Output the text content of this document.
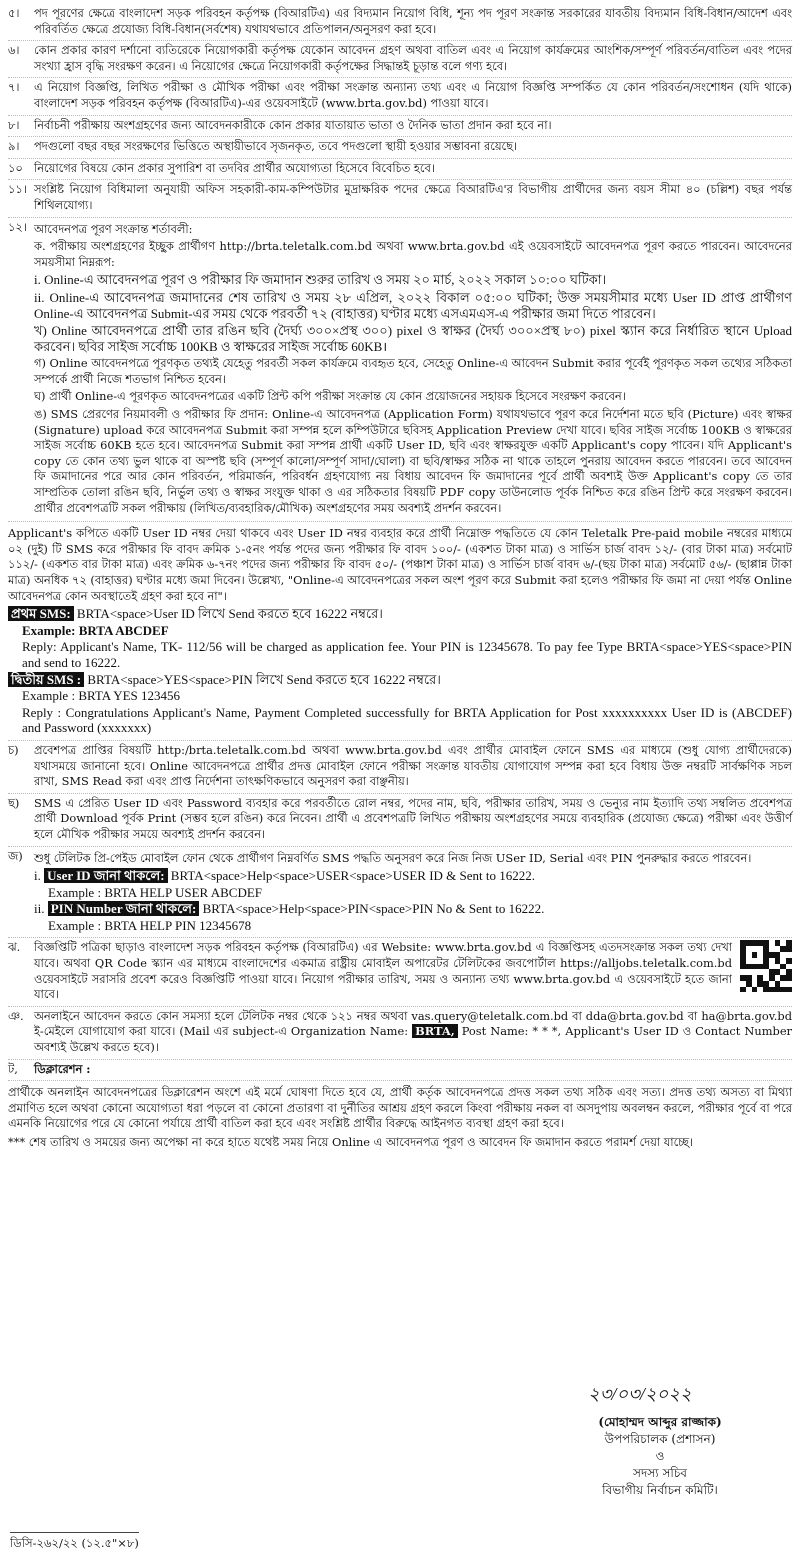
৫।	পদ পূরণের ক্ষেত্রে বাংলাদেশ সড়ক পরিবহন কর্তৃপক্ষ (বিআরটিএ) এর বিদ্যমান নিয়োগ বিধি, শূন্য পদ পূরণ সংক্রান্ত সরকারের যাবতীয় বিদ্যমান বিধি-বিধান/আদেশ এবং পরিবর্তিত ক্ষেত্রে প্রযোজ্য বিধি-বিধান(সর্বশেষ) যথাযথভাবে প্রতিপালন/অনুসরণ করা হবে।
৬।	কোন প্রকার কারণ দর্শানো ব্যতিরেকে নিয়োগকারী কর্তৃপক্ষ যেকোন আবেদন গ্রহণ অথবা বাতিল এবং এ নিয়োগ কার্যক্রমের আংশিক/সম্পূর্ণ পরিবর্তন/বাতিল এবং পদের সংখ্যা হ্রাস বৃদ্ধি সংরক্ষণ করেন। এ নিয়োগের ক্ষেত্রে নিয়োগকারী কর্তৃপক্ষের সিদ্ধান্তই চূড়ান্ত বলে গণ্য হবে।
৭।	এ নিয়োগ বিজ্ঞপ্তি, লিখিত পরীক্ষা ও মৌখিক পরীক্ষা এবং পরীক্ষা সংক্রান্ত অন্যান্য তথ্য এবং এ নিয়োগ বিজ্ঞপ্তি সম্পর্কিত যে কোন পরিবর্তন/সংশোধন (যদি থাকে) বাংলাদেশ সড়ক পরিবহন কর্তৃপক্ষ (বিআরটিএ)-এর ওয়েবসাইটে (www.brta.gov.bd) পাওয়া যাবে।
৮।	নির্বাচনী পরীক্ষায় অংশগ্রহণের জন্য আবেদনকারীকে কোন প্রকার যাতায়াত ভাতা ও দৈনিক ভাতা প্রদান করা হবে না।
৯।	পদগুলো বছর বছর সংরক্ষণের ভিত্তিতে অস্থায়ীভাবে সৃজনকৃত, তবে পদগুলো স্থায়ী হওয়ার সম্ভাবনা রয়েছে।
১০ নিয়োগের বিষয়ে কোন প্রকার সুপারিশ বা তদবির প্রার্থীর অযোগ্যতা হিসেবে বিবেচিত হবে।
১১। সংশ্লিষ্ট নিয়োগ বিধিমালা অনুযায়ী অফিস সহকারী-কাম-কম্পিউটার মুদ্রাক্ষরিক পদের ক্ষেত্রে বিআরটিএ'র বিভাগীয় প্রার্থীদের জন্য বয়স সীমা ৪০ (চল্লিশ) বছর পর্যন্ত শিথিলযোগ্য।
১২। আবেদনপত্র পূরণ সংক্রান্ত শর্তাবলী:
ক. পরীক্ষায় অংশগ্রহণের ইচ্ছুক প্রার্থীগণ http://brta.teletalk.com.bd অথবা www.brta.gov.bd এই ওয়েবসাইটে আবেদনপত্র পূরণ করতে পারবেন। আবেদনের সময়সীমা নিম্নরূপ:
i. Online-এ আবেদনপত্র পূরণ ও পরীক্ষার ফি জমাদান শুরুর তারিখ ও সময় ২০ মার্চ, ২০২২ সকাল ১০:০০ ঘটিকা।
ii. Online-এ আবেদনপত্র জমাদানের শেষ তারিখ ও সময় ২৮ এপ্রিল, ২০২২ বিকাল ০৫:০০ ঘটিকা; উক্ত সময়সীমার মধ্যে User ID প্রাপ্ত প্রার্থীগণ Online-এ আবেদনপত্র Submit-এর সময় থেকে পরবর্তী ৭২ (বাহাত্তর) ঘণ্টার মধ্যে এসএমএস-এ পরীক্ষার জমা দিতে পারবেন।
খ) Online আবেদনপত্রে প্রার্থী তার রঙিন ছবি (দৈর্ঘ্য ৩০০×প্রস্থ ৩০০) pixel ও স্বাক্ষর (দৈর্ঘ্য ৩০০×প্রস্থ ৮০) pixel স্ক্যান করে নির্ধারিত স্থানে Upload করবেন। ছবির সাইজ সর্বোচ্চ 100KB ও স্বাক্ষরের সাইজ সর্বোচ্চ 60KB।
গ) Online আবেদনপত্রে পূরণকৃত তথ্যই যেহেতু পরবর্তী সকল কার্যক্রমে ব্যবহৃত হবে, সেহেতু Online-এ আবেদন Submit করার পূর্বেই পূরণকৃত সকল তথ্যের সঠিকতা সম্পর্কে প্রার্থী নিজে শতভাগ নিশ্চিত হবেন।
ঘ) প্রার্থী Online-এ পূরণকৃত আবেদনপত্রের একটি প্রিন্ট কপি পরীক্ষা সংক্রান্ত যে কোন প্রয়োজনের সহায়ক হিসেবে সংরক্ষণ করবেন।
ঙ) SMS প্রেরণের নিয়মাবলী ও পরীক্ষার ফি প্রদান: Online-এ আবেদনপত্র (Application Form) যথাযথভাবে পূরণ করে নির্দেশনা মতে ছবি (Picture) এবং স্বাক্ষর (Signature) upload করে আবেদনপত্র Submit করা সম্পন্ন হলে কম্পিউটারে ছবিসহ Application Preview দেখা যাবে। ছবির সাইজ সর্বোচ্চ 100KB ও স্বাক্ষরের সাইজ সর্বোচ্চ 60KB হতে হবে। আবেদনপত্র Submit করা সম্পন্ন প্রার্থী একটি User ID, ছবি এবং স্বাক্ষরযুক্ত একটি Applicant's copy পাবেন। যদি Applicant's copy তে কোন তথ্য ভুল থাকে বা অস্পষ্ট ছবি (সম্পূর্ণ কালো/সম্পূর্ণ সাদা/ঘোলা) বা ছবি/স্বাক্ষর সঠিক না থাকে তাহলে পুনরায় আবেদন করতে পারবেন। তবে আবেদন ফি জমাদানের পরে আর কোন পরিবর্তন, পরিমার্জন, পরিবর্ধন গ্রহণযোগ্য নয় বিধায় আবেদন ফি জমাদানের পূর্বে প্রার্থী অবশ্যই উক্ত Applicant's copy তে তার সাম্প্রতিক তোলা রঙিন ছবি, নির্ভুল তথ্য ও স্বাক্ষর সংযুক্ত থাকা ও এর সঠিকতার বিষয়টি PDF copy ডাউনলোড পূর্বক নিশ্চিত করে রঙিন প্রিন্ট করে সংরক্ষণ করবেন। প্রার্থীর প্রবেশপত্রটি সকল পরীক্ষায় (লিখিত/ব্যবহারিক/মৌখিক) অংশগ্রহণের সময় অবশ্যই প্রদর্শন করবেন।
Applicant's কপিতে একটি User ID নম্বর দেয়া থাকবে এবং User ID নম্বর ব্যবহার করে প্রার্থী নিম্নোক্ত পদ্ধতিতে যে কোন Teletalk Pre-paid mobile নম্বরের মাধ্যমে ০২ (দুই) টি SMS করে পরীক্ষার ফি বাবদ ক্রমিক ১-৫নং পর্যন্ত পদের জন্য পরীক্ষার ফি বাবদ ১০০/- (একশত টাকা মাত্র) ও সার্ভিস চার্জ বাবদ ১২/- (বার টাকা মাত্র) সর্বমোট ১১২/- (একশত বার টাকা মাত্র) এবং ক্রমিক ৬-৭নং পদের জন্য পরীক্ষার ফি বাবদ ৫০/- (পঞ্চাশ টাকা মাত্র) ও সার্ভিস চার্জ বাবদ ৬/-(ছয় টাকা মাত্র) সর্বমোট ৫৬/- (ছাপ্পান্ন টাকা মাত্র) অনধিক ৭২ (বাহাত্তর) ঘণ্টার মধ্যে জমা দিবেন। উল্লেখ্য, "Online-এ আবেদনপত্রের সকল অংশ পূরণ করে Submit করা হলেও পরীক্ষার ফি জমা না দেয়া পর্যন্ত Online আবেদনপত্র কোন অবস্থাতেই গ্রহণ করা হবে না"।
প্রথম SMS: BRTA<space>User ID লিখে Send করতে হবে 16222 নম্বরে।
Example: BRTA ABCDEF
Reply: Applicant's Name, TK- 112/56 will be charged as application fee. Your PIN is 12345678. To pay fee Type BRTA<space>YES<space>PIN and send to 16222.
দ্বিতীয় SMS : BRTA<space>YES<space>PIN লিখে Send করতে হবে 16222 নম্বরে।
Example : BRTA YES 123456
Reply : Congratulations Applicant's Name, Payment Completed successfully for BRTA Application for Post xxxxxxxxxx User ID is (ABCDEF) and Password (xxxxxxx)
চ)	প্রবেশপত্র প্রাপ্তির বিষয়টি http:/brta.teletalk.com.bd অথবা www.brta.gov.bd এবং প্রার্থীর মোবাইল ফোনে SMS এর মাধ্যমে (শুধু যোগ্য প্রার্থীদেরকে) যথাসময়ে জানানো হবে। Online আবেদনপত্রে প্রার্থীর প্রদত্ত মোবাইল ফোনে পরীক্ষা সংক্রান্ত যাবতীয় যোগাযোগ সম্পন্ন করা হবে বিধায় উক্ত নম্বরটি সার্বক্ষণিক সচল রাখা, SMS Read করা এবং প্রাপ্ত নির্দেশনা তাৎক্ষণিকভাবে অনুসরণ করা বাঞ্ছনীয়।
ছ)	SMS এ প্রেরিত User ID এবং Password ব্যবহার করে পরবর্তীতে রোল নম্বর, পদের নাম, ছবি, পরীক্ষার তারিখ, সময় ও ভেন্যুর নাম ইত্যাদি তথ্য সম্বলিত প্রবেশপত্র প্রার্থী Download পূর্বক Print (সম্ভব হলে রঙিন) করে নিবেন। প্রার্থী এ প্রবেশপত্রটি লিখিত পরীক্ষায় অংশগ্রহণের সময়ে ব্যবহারিক (প্রযোজ্য ক্ষেত্রে) পরীক্ষা এবং উত্তীর্ণ হলে মৌখিক পরীক্ষার সময়ে অবশ্যই প্রদর্শন করবেন।
জ) শুধু টেলিটক প্রি-পেইড মোবাইল ফোন থেকে প্রার্থীগণ নিম্নবর্ণিত SMS পদ্ধতি অনুসরণ করে নিজ নিজ USer ID, Serial এবং PIN পুনরুদ্ধার করতে পারবেন।
i. User ID জানা থাকলে: BRTA<space>Help<space>USER<space>USER ID & Sent to 16222.
Example : BRTA HELP USER ABCDEF
ii. PIN Number জানা থাকলে: BRTA<space>Help<space>PIN<space>PIN No & Sent to 16222.
Example : BRTA HELP PIN 12345678
ঝ.	বিজ্ঞপ্তিটি পত্রিকা ছাড়াও বাংলাদেশ সড়ক পরিবহন কর্তৃপক্ষ (বিআরটিএ) এর Website: www.brta.gov.bd এ বিজ্ঞপ্তিসহ এতদসংক্রান্ত সকল তথ্য দেখা যাবে। অথবা QR Code স্ক্যান এর মাধ্যমে বাংলাদেশের একমাত্র রাষ্ট্রীয় মোবাইল অপারেটর টেলিটকের জবপোর্টাল https://alljobs.teletalk.com.bd ওয়েবসাইটে সরাসরি প্রবেশ করেও বিজ্ঞপ্তিটি পাওয়া যাবে। নিয়োগ পরীক্ষার তারিখ, সময় ও অন্যান্য তথ্য www.brta.gov.bd এ ওয়েবসাইটে হতে জানা যাবে।
ঞ. অনলাইনে আবেদন করতে কোন সমস্যা হলে টেলিটক নম্বর থেকে ১২১ নম্বর অথবা vas.query@teletalk.com.bd বা dda@brta.gov.bd বা ha@brta.gov.bd ই-মেইলে যোগাযোগ করা যাবে। (Mail এর subject-এ Organization Name: BRTA, Post Name: * * *, Applicant's User ID ও Contact Number অবশ্যই উল্লেখ করতে হবে)।
ট,	ডিক্লারেশন :
প্রার্থীকে অনলাইন আবেদনপত্রের ডিক্লারেশন অংশে এই মর্মে ঘোষণা দিতে হবে যে, প্রার্থী কর্তৃক আবেদনপত্রে প্রদত্ত সকল তথ্য সঠিক এবং সত্য। প্রদত্ত তথ্য অসত্য বা মিথ্যা প্রমাণিত হলে অথবা কোনো অযোগ্যতা ধরা পড়লে বা কোনো প্রতারণা বা দুর্নীতির আশ্রয় গ্রহণ করলে কিংবা পরীক্ষায় নকল বা অসদুপায় অবলম্বন করলে, পরীক্ষার পূর্বে বা পরে এমনকি নিয়োগের পরে যে কোনো পর্যায়ে প্রার্থী বাতিল করা হবে এবং সংশ্লিষ্ট প্রার্থীর বিরুদ্ধে আইনগত ব্যবস্থা গ্রহণ করা হবে।
*** শেষ তারিখ ও সময়ের জন্য অপেক্ষা না করে হাতে যথেষ্ট সময় নিয়ে Online এ আবেদনপত্র পূরণ ও আবেদন ফি জমাদান করতে পরামর্শ দেয়া যাচ্ছে।
২৩/০৩/২০২২
(মোহাম্মদ আব্দুর রাজ্জাক)
উপপরিচালক (প্রশাসন)
ও
সদস্য সচিব
বিভাগীয় নির্বাচন কমিটি।
ডিসি-২৬২/২২ (১২.৫"×৮)
